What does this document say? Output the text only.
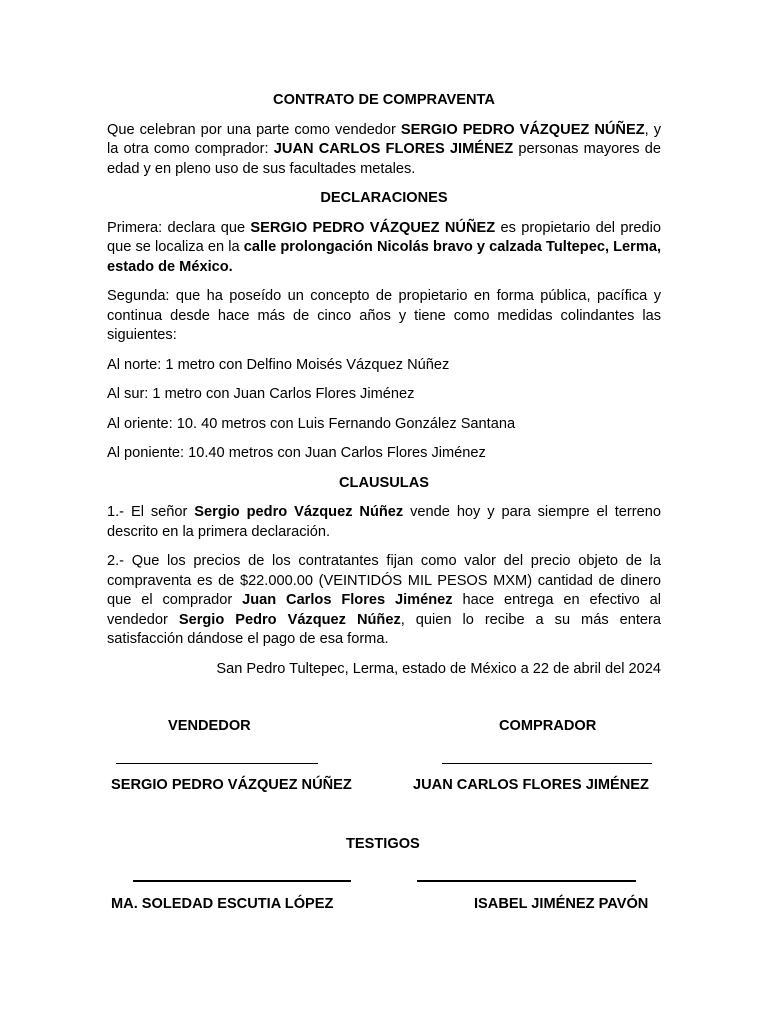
CONTRATO DE COMPRAVENTA

Que celebran por una parte como vendedor SERGIO PEDRO VÁZQUEZ NÚÑEZ, y la otra como comprador: JUAN CARLOS FLORES JIMÉNEZ personas mayores de edad y en pleno uso de sus facultades metales.

DECLARACIONES

Primera: declara que SERGIO PEDRO VÁZQUEZ NÚÑEZ es propietario del predio que se localiza en la calle prolongación Nicolás bravo y calzada Tultepec, Lerma, estado de México.

Segunda: que ha poseído un concepto de propietario en forma pública, pacífica y continua desde hace más de cinco años y tiene como medidas colindantes las siguientes:

Al norte: 1 metro con Delfino Moisés Vázquez Núñez

Al sur: 1 metro con Juan Carlos Flores Jiménez

Al oriente: 10. 40 metros con Luis Fernando González Santana

Al poniente: 10.40 metros con Juan Carlos Flores Jiménez

CLAUSULAS

1.- El señor Sergio pedro Vázquez Núñez vende hoy y para siempre el terreno descrito en la primera declaración.

2.- Que los precios de los contratantes fijan como valor del precio objeto de la compraventa es de $22.000.00 (VEINTIDÓS MIL PESOS MXM) cantidad de dinero que el comprador Juan Carlos Flores Jiménez hace entrega en efectivo al vendedor Sergio Pedro Vázquez Núñez, quien lo recibe a su más entera satisfacción dándose el pago de esa forma.

San Pedro Tultepec, Lerma, estado de México a 22 de abril del 2024

VENDEDOR	COMPRADOR
SERGIO PEDRO VÁZQUEZ NÚÑEZ	JUAN CARLOS FLORES JIMÉNEZ
TESTIGOS
MA. SOLEDAD ESCUTIA LÓPEZ	ISABEL JIMÉNEZ PAVÓN
